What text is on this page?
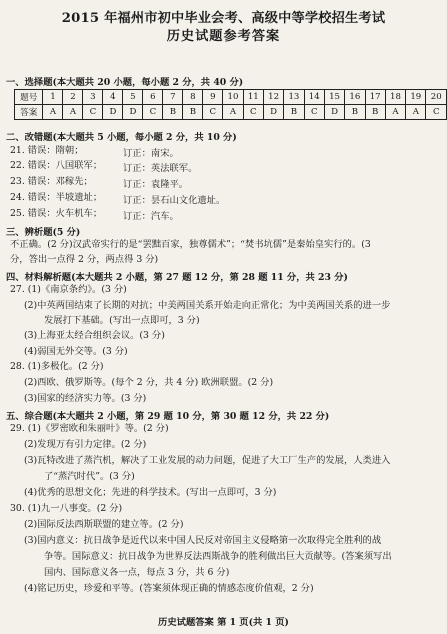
2015 年福州市初中毕业会考、高级中等学校招生考试
历史试题参考答案
一、选择题(本大题共 20 小题，每小题 2 分，共 40 分)
题号	1	2	3	4	5	6	7	8	9	10	11	12	13	14	15	16	17	18	19	20
答案	A	A	C	D	D	C	B	B	C	A	C	D	B	C	D	B	B	A	A	C
二、改错题(本大题共 5 小题，每小题 2 分，共 10 分)
21. 错误：隋朝；	订正：南宋。
22. 错误：八国联军； 订正：英法联军。
23. 错误：邓稼先；	订正：袁隆平。
24. 错误：半坡遗址； 订正：昙石山文化遗址。
25. 错误：火车机车； 订正：汽车。
三、辨析题(5 分)
不正确。(2 分)汉武帝实行的是“罢黜百家，独尊儒术”；“焚书坑儒”是秦始皇实行的。(3
分，答出一点得 2 分，两点得 3 分)
四、材料解析题(本大题共 2 小题，第 27 题 12 分，第 28 题 11 分，共 23 分)
27. (1)《南京条约》。(3 分)
(2)中英两国结束了长期的对抗；中美两国关系开始走向正常化；为中美两国关系的进一步
发展打下基础。(写出一点即可，3 分)
(3)上海亚太经合组织会议。(3 分)
(4)弱国无外交等。(3 分)
28. (1)多极化。(2 分)
(2)西欧、俄罗斯等。(每个 2 分，共 4 分) 欧洲联盟。(2 分)
(3)国家的经济实力等。(3 分)
五、综合题(本大题共 2 小题，第 29 题 10 分，第 30 题 12 分，共 22 分)
29. (1)《罗密欧和朱丽叶》等。(2 分)
(2)发现万有引力定律。(2 分)
(3)瓦特改进了蒸汽机，解决了工业发展的动力问题，促进了大工厂生产的发展，人类进入
了“蒸汽时代”。(3 分)
(4)优秀的思想文化；先进的科学技术。(写出一点即可，3 分)
30. (1)九一八事变。(2 分)
(2)国际反法西斯联盟的建立等。(2 分)
(3)国内意义：抗日战争是近代以来中国人民反对帝国主义侵略第一次取得完全胜利的战
争等。国际意义：抗日战争为世界反法西斯战争的胜利做出巨大贡献等。(答案须写出
国内、国际意义各一点，每点 3 分，共 6 分)
(4)铭记历史，珍爱和平等。(答案须体现正确的情感态度价值观，2 分)
历史试题答案 第 1 页(共 1 页)
